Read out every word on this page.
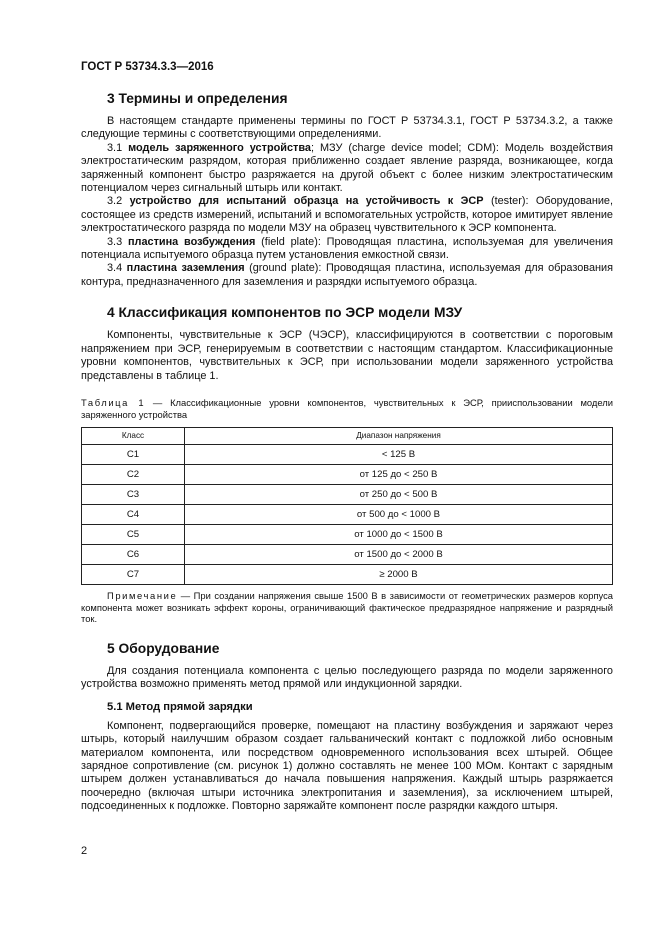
ГОСТ Р 53734.3.3—2016
3 Термины и определения

В настоящем стандарте применены термины по ГОСТ Р 53734.3.1, ГОСТ Р 53734.3.2, а также следующие термины с соответствующими определениями.

3.1 модель заряженного устройства; МЗУ (charge device model; CDM): Модель воздействия электростатическим разрядом, которая приближенно создает явление разряда, возникающее, когда заряженный компонент быстро разряжается на другой объект с более низким электростатическим потенциалом через сигнальный штырь или контакт.

3.2 устройство для испытаний образца на устойчивость к ЭСР (tester): Оборудование, состоящее из средств измерений, испытаний и вспомогательных устройств, которое имитирует явление электростатического разряда по модели МЗУ на образец чувствительного к ЭСР компонента.

3.3 пластина возбуждения (field plate): Проводящая пластина, используемая для увеличения потенциала испытуемого образца путем установления емкостной связи.

3.4 пластина заземления (ground plate): Проводящая пластина, используемая для образования контура, предназначенного для заземления и разрядки испытуемого образца.

4 Классификация компонентов по ЭСР модели МЗУ

Компоненты, чувствительные к ЭСР (ЧЭСР), классифицируются в соответствии с пороговым напряжением при ЭСР, генерируемым в соответствии с настоящим стандартом. Классификационные уровни компонентов, чувствительных к ЭСР, при использовании модели заряженного устройства представлены в таблице 1.

Таблица 1 — Классификационные уровни компонентов, чувствительных к ЭСР, прииспользовании модели заряженного устройства
Класс	Диапазон напряжения
C1	< 125 В
C2	от 125 до < 250 В
C3	от 250 до < 500 В
C4	от 500 до < 1000 В
C5	от 1000 до < 1500 В
C6	от 1500 до < 2000 В
C7	≥ 2000 В
Примечание — При создании напряжения свыше 1500 В в зависимости от геометрических размеров корпуса компонента может возникать эффект короны, ограничивающий фактическое предразрядное напряжение и разрядный ток.
5 Оборудование

Для создания потенциала компонента с целью последующего разряда по модели заряженного устройства возможно применять метод прямой или индукционной зарядки.

5.1 Метод прямой зарядки

Компонент, подвергающийся проверке, помещают на пластину возбуждения и заряжают через штырь, который наилучшим образом создает гальванический контакт с подложкой либо основным материалом компонента, или посредством одновременного использования всех штырей. Общее зарядное сопротивление (см. рисунок 1) должно составлять не менее 100 МОм. Контакт с зарядным штырем должен устанавливаться до начала повышения напряжения. Каждый штырь разряжается поочередно (включая штыри источника электропитания и заземления), за исключением штырей, подсоединенных к подложке. Повторно заряжайте компонент после разрядки каждого штыря.

2
